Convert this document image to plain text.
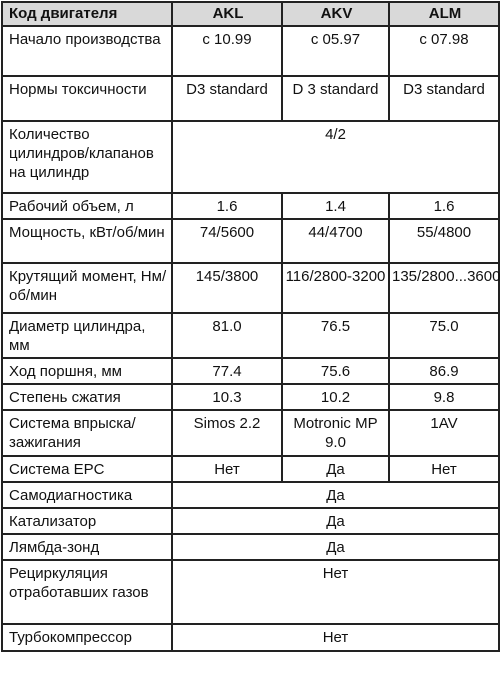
Код двигателя	AKL	AKV	ALM
Начало производства	с 10.99	с 05.97	с 07.98
Нормы токсичности	D3 standard	D 3 standard	D3 standard
Количество цилиндров/клапанов на цилиндр	4/2		
Рабочий объем, л	1.6	1.4	1.6
Мощность, кВт/об/мин	74/5600	44/4700	55/4800
Крутящий момент, Нм/об/мин	145/3800	116/2800-3200	135/2800...3600
Диаметр цилиндра, мм	81.0	76.5	75.0
Ход поршня, мм	77.4	75.6	86.9
Степень сжатия	10.3	10.2	9.8
Система впрыска/зажигания	Simos 2.2	Motronic MP 9.0	1AV
Система EPC	Нет	Да	Нет
Самодиагностика	Да		
Катализатор	Да		
Лямбда-зонд	Да		
Рециркуляция отработавших газов	Нет		
Турбокомпрессор	Нет		
